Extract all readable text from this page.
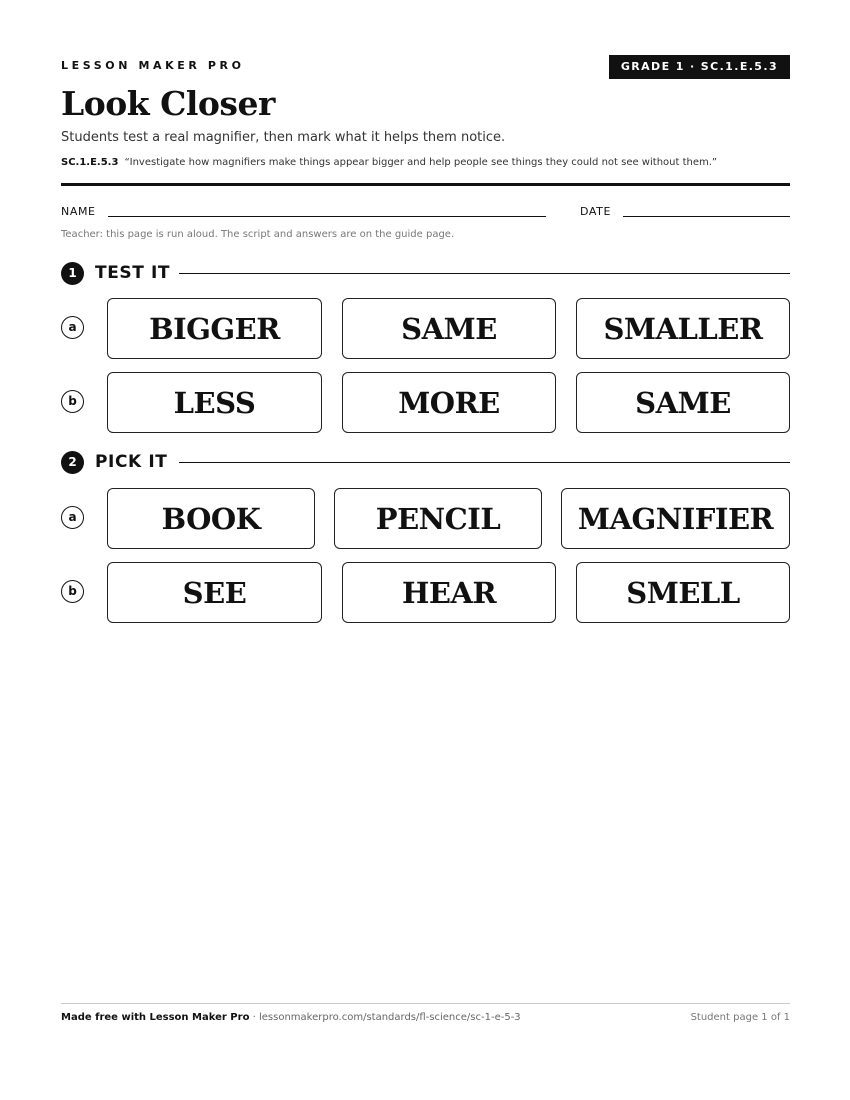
LESSON MAKER PRO	GRADE 1 · SC.1.E.5.3
Look Closer
Students test a real magnifier, then mark what it helps them notice.
SC.1.E.5.3 “Investigate how magnifiers make things appear bigger and help people see things they could not see without them.”
NAME	DATE
Teacher: this page is run aloud. The script and answers are on the guide page.
1	TEST IT
a	BIGGER	SAME	SMALLER
b	LESS	MORE	SAME
2	PICK IT
a	BOOK	PENCIL	MAGNIFIER
b	SEE	HEAR	SMELL
Made free with Lesson Maker Pro · lessonmakerpro.com/standards/fl-science/sc-1-e-5-3	Student page 1 of 1
